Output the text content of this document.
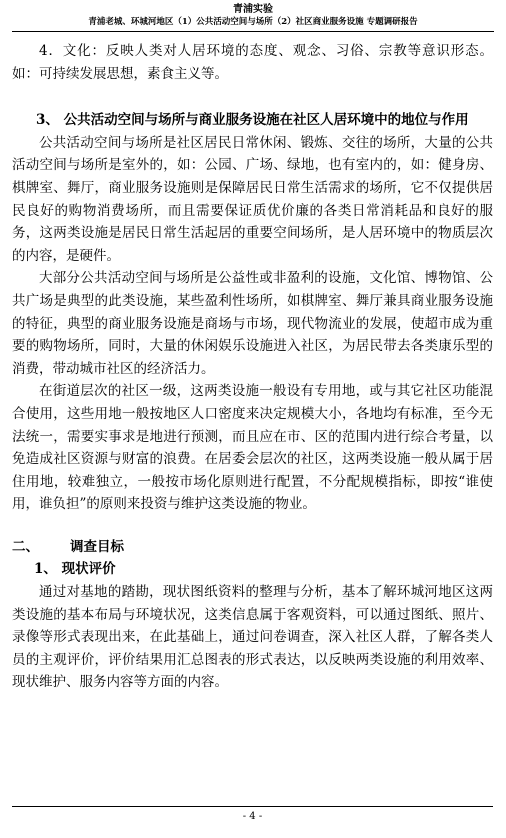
青浦实验
青浦老城、环城河地区（1）公共活动空间与场所（2）社区商业服务设施 专题调研报告

4．文化：反映人类对人居环境的态度、观念、习俗、宗教等意识形态。如：可持续发展思想，素食主义等。

3、 公共活动空间与场所与商业服务设施在社区人居环境中的地位与作用

公共活动空间与场所是社区居民日常休闲、锻炼、交往的场所，大量的公共活动空间与场所是室外的，如：公园、广场、绿地，也有室内的，如：健身房、棋牌室、舞厅，商业服务设施则是保障居民日常生活需求的场所，它不仅提供居民良好的购物消费场所，而且需要保证质优价廉的各类日常消耗品和良好的服务，这两类设施是居民日常生活起居的重要空间场所，是人居环境中的物质层次的内容，是硬件。

大部分公共活动空间与场所是公益性或非盈利的设施，文化馆、博物馆、公共广场是典型的此类设施，某些盈利性场所，如棋牌室、舞厅兼具商业服务设施的特征，典型的商业服务设施是商场与市场，现代物流业的发展，使超市成为重要的购物场所，同时，大量的休闲娱乐设施进入社区，为居民带去各类康乐型的消费，带动城市社区的经济活力。

在街道层次的社区一级，这两类设施一般设有专用地，或与其它社区功能混合使用，这些用地一般按地区人口密度来决定规模大小，各地均有标准，至今无法统一，需要实事求是地进行预测，而且应在市、区的范围内进行综合考量，以免造成社区资源与财富的浪费。在居委会层次的社区，这两类设施一般从属于居住用地，较难独立，一般按市场化原则进行配置，不分配规模指标，即按“谁使用，谁负担”的原则来投资与维护这类设施的物业。

二、	调查目标

1、 现状评价

通过对基地的踏勘，现状图纸资料的整理与分析，基本了解环城河地区这两类设施的基本布局与环境状况，这类信息属于客观资料，可以通过图纸、照片、录像等形式表现出来，在此基础上，通过问卷调查，深入社区人群，了解各类人员的主观评价，评价结果用汇总图表的形式表达，以反映两类设施的利用效率、现状维护、服务内容等方面的内容。

- 4 -
